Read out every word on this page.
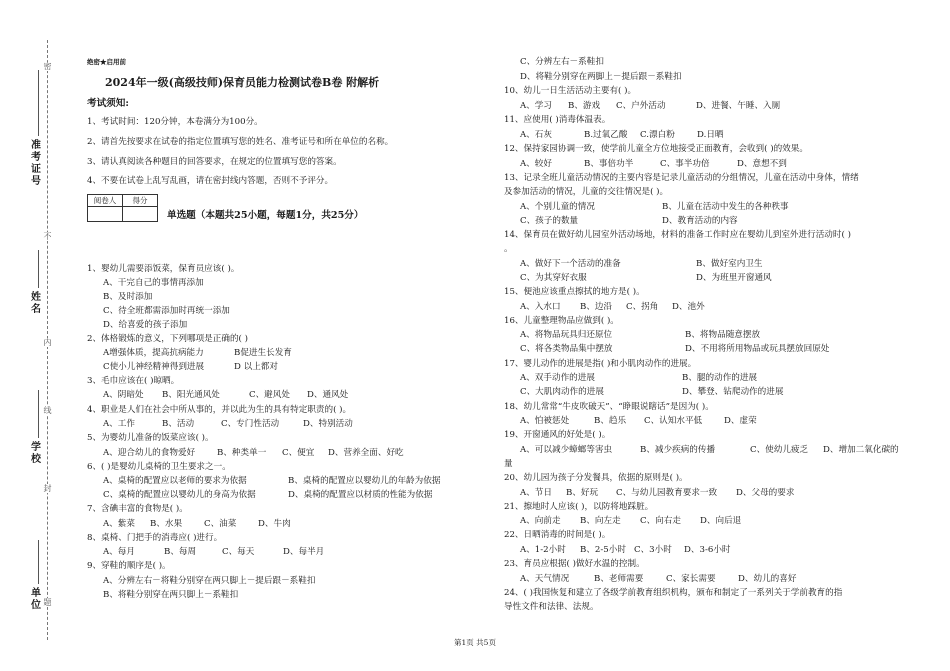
密
不
内
线
封
题
准考证号
姓名
学校
单位
绝密★启用前
2024年一级(高级技师)保育员能力检测试卷B卷 附解析
考试须知:
1、考试时间：120分钟，本卷满分为100分。
2、请首先按要求在试卷的指定位置填写您的姓名、准考证号和所在单位的名称。
3、请认真阅读各种题目的回答要求，在规定的位置填写您的答案。
4、不要在试卷上乱写乱画，请在密封线内答题，否则不予评分。
阅卷人	得分

单选题（本题共25小题，每题1分，共25分）
1、婴幼儿需要添饭菜，保育员应该( )。
A、干完自己的事情再添加
B、及时添加
C、待全班都需添加时再统一添加
D、给喜爱的孩子添加
2、体格锻炼的意义，下列哪项是正确的( )
A增强体质，提高抗病能力	B促进生长发育
C使小儿神经精神得到进展	D 以上都对
3、毛巾应该在( )晾晒。
A、阴暗处 B、阳光通风处	C、避风处 D、通风处
4、职业是人们在社会中所从事的，并以此为生的具有特定职责的( )。
A、工作	B、活动	C、专门性活动	D、特别活动
5、为婴幼儿准备的饭菜应该( )。
A、迎合幼儿的食物爱好	B、种类单一 C、便宜 D、营养全面、好吃
6、( )是婴幼儿桌椅的卫生要求之一。
A、桌椅的配置应以老师的要求为依据	B、桌椅的配置应以婴幼儿的年龄为依据
C、桌椅的配置应以婴幼儿的身高为依据	D、桌椅的配置应以材质的性能为依据
7、含碘丰富的食物是( )。
A、紫菜 B、水果	C、油菜	D、牛肉
8、桌椅、门把手的消毒应( )进行。
A、每月	B、每周	C、每天	D、每半月
9、穿鞋的顺序是( )。
A、分辨左右－将鞋分别穿在两只脚上－提后跟－系鞋扣
B、将鞋分别穿在两只脚上－系鞋扣
C、分辨左右－系鞋扣
D、将鞋分别穿在两脚上－提后跟－系鞋扣
10、幼儿一日生活活动主要有( )。
A、学习 B、游戏 C、户外活动	D、进餐、午睡、入厕
11、应使用( )消毒体温表。
A、石灰	B.过氧乙酸 C.漂白粉	D.日晒
12、保持家园协调一致，使学前儿童全方位地接受正面教育，会收到( )的效果。
A、较好	B、事倍功半	C、事半功倍	D、意想不到
13、记录全班儿童活动情况的主要内容是记录儿童活动的分组情况，儿童在活动中身体，情绪
及参加活动的情况，儿童的交往情况是( )。
A、个别儿童的情况	B、儿童在活动中发生的各种秩事
C、孩子的数量	D、教育活动的内容
14、保育员在做好幼儿园室外活动场地，材料的准备工作时应在婴幼儿到室外进行活动时( )
。
A、做好下一个活动的准备	B、做好室内卫生
C、为其穿好衣服	D、为班里开窗通风
15、便池应该重点擦拭的地方是( )。
A、入水口 B、边沿 C、拐角 D、池外
16、儿童整理物品应做到( )。
A、将物品玩具归还原位	B、将物品随意摆放
C、将各类物品集中摆放	D、不用将所用物品或玩具摆放回原处
17、婴儿动作的进展是指( )和小肌肉动作的进展。
A、双手动作的进展	B、腿的动作的进展
C、大肌肉动作的进展	D、攀登、钻爬动作的进展
18、幼儿常常“牛皮吹破天”、“睁眼说瞎话”是因为( )。
A、怕被惩处	B、趋乐 C、认知水平低	D、虚荣
19、开窗通风的好处是( )。
A、可以减少蟑螂等害虫	B、减少疾病的传播	C、使幼儿疲乏 D、增加二氧化碳的
量
20、幼儿园为孩子分发餐具，依据的原则是( )。
A、节日 B、好玩 C、与幼儿园教育要求一致 D、父母的要求
21、擦地时人应该( )，以防将地踩脏。
A、向前走 B、向左走 C、向右走 D、向后退
22、日晒消毒的时间是( )。
A、1-2小时 B、2-5小时 C、3小时 D、3-6小时
23、育员应根据( )做好水温的控制。
A、天气情况	B、老师需要	C、家长需要	D、幼儿的喜好
24、( )我国恢复和建立了各级学前教育组织机构，颁布和制定了一系列关于学前教育的指
导性文件和法律、法规。
第1页 共5页
